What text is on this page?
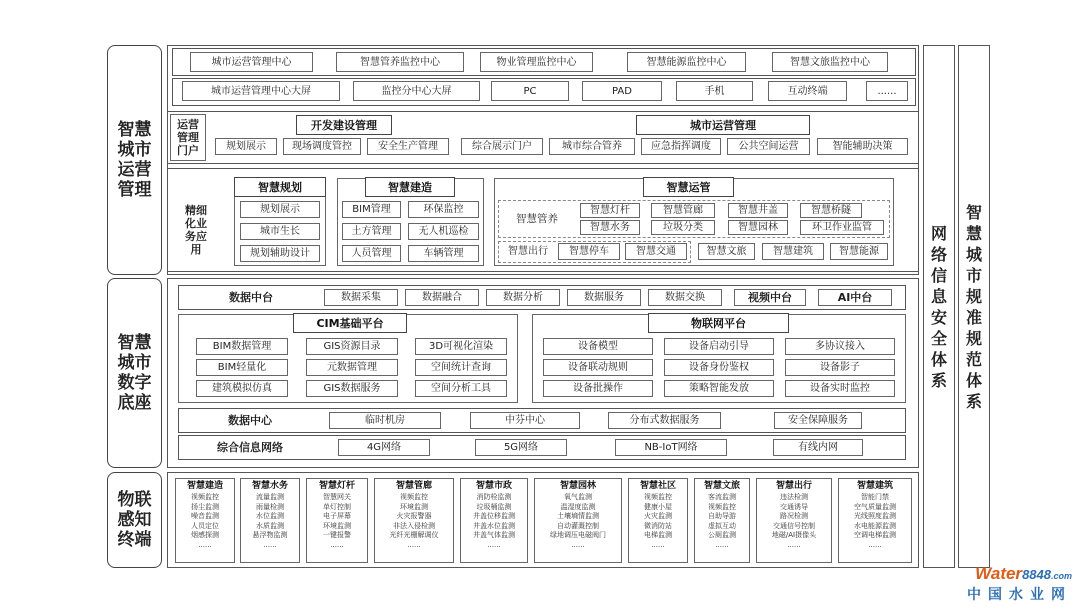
智慧
城市
运营
管理
智慧
城市
数字
底座
物联
感知
终端
网
络
信
息
安
全
体
系
智
慧
城
市
规
准
规
范
体
系
城市运营管理中心	智慧管养监控中心	物业管理监控中心	智慧能源监控中心	智慧文旅监控中心
城市运营管理中心大屏	监控分中心大屏	PC	PAD	手机	互动终端	......
运营管理门户
开发建设管理	城市运营管理
规划展示	现场调度管控	安全生产管理	综合展示门户	城市综合管养	应急指挥调度	公共空间运营	智能辅助决策
精细化业务应用
智慧规划
规划展示
城市生长
规划辅助设计
智慧建造
BIM管理	环保监控
土方管理	无人机巡检
人员管理	车辆管理
智慧运管
智慧管养
智慧灯杆	智慧管廊	智慧井盖	智慧桥隧
智慧水务	垃圾分类	智慧园林	环卫作业监管
智慧出行	智慧停车	智慧交通	智慧文旅	智慧建筑	智慧能源
数据中台	数据采集	数据融合	数据分析	数据服务	数据交换	视频中台	AI中台
CIM基础平台
BIM数据管理	GIS资源目录	3D可视化渲染
BIM轻量化	元数据管理	空间统计查询
建筑模拟仿真	GIS数据服务	空间分析工具
物联网平台
设备模型	设备启动引导	多协议接入
设备联动规则	设备身份鉴权	设备影子
设备批操作	策略智能发放	设备实时监控
数据中心	临时机房	中芬中心	分布式数据服务	安全保障服务
综合信息网络	4G网络	5G网络	NB-IoT网络	有线内网
智慧建造
视频监控
扬尘监测
噪音监测
人员定位
烟感探测
......
智慧水务
流量监测
雨量检测
水位监测
水质监测
悬浮物监测
......
智慧灯杆
智慧网关
单灯控制
电子屏幕
环境监测
一键报警
......
智慧管廊
视频监控
环境监测
火灾报警器
非法入侵检测
光纤光栅解调仪
......
智慧市政
消防栓监测
垃圾桶监测
井盖位移监测
井盖水位监测
井盖气体监测
......
智慧园林
氧气监测
温湿度监测
土壤墒情监测
自动灌溉控制
绿地调压电磁阀门
......
智慧社区
视频监控
健康小屋
火灾监测
微消防站
电梯监测
......
智慧文旅
客流监测
视频监控
自助导游
虚拟互动
公厕监测
......
智慧出行
违法检测
交通诱导
路况检测
交通信号控制
地磁/AI摄像头
......
智慧建筑
智能门禁
空气质量监测
光线照度监测
水电能源监测
空调电梯监测
......
Water8848.com
中国水业网
